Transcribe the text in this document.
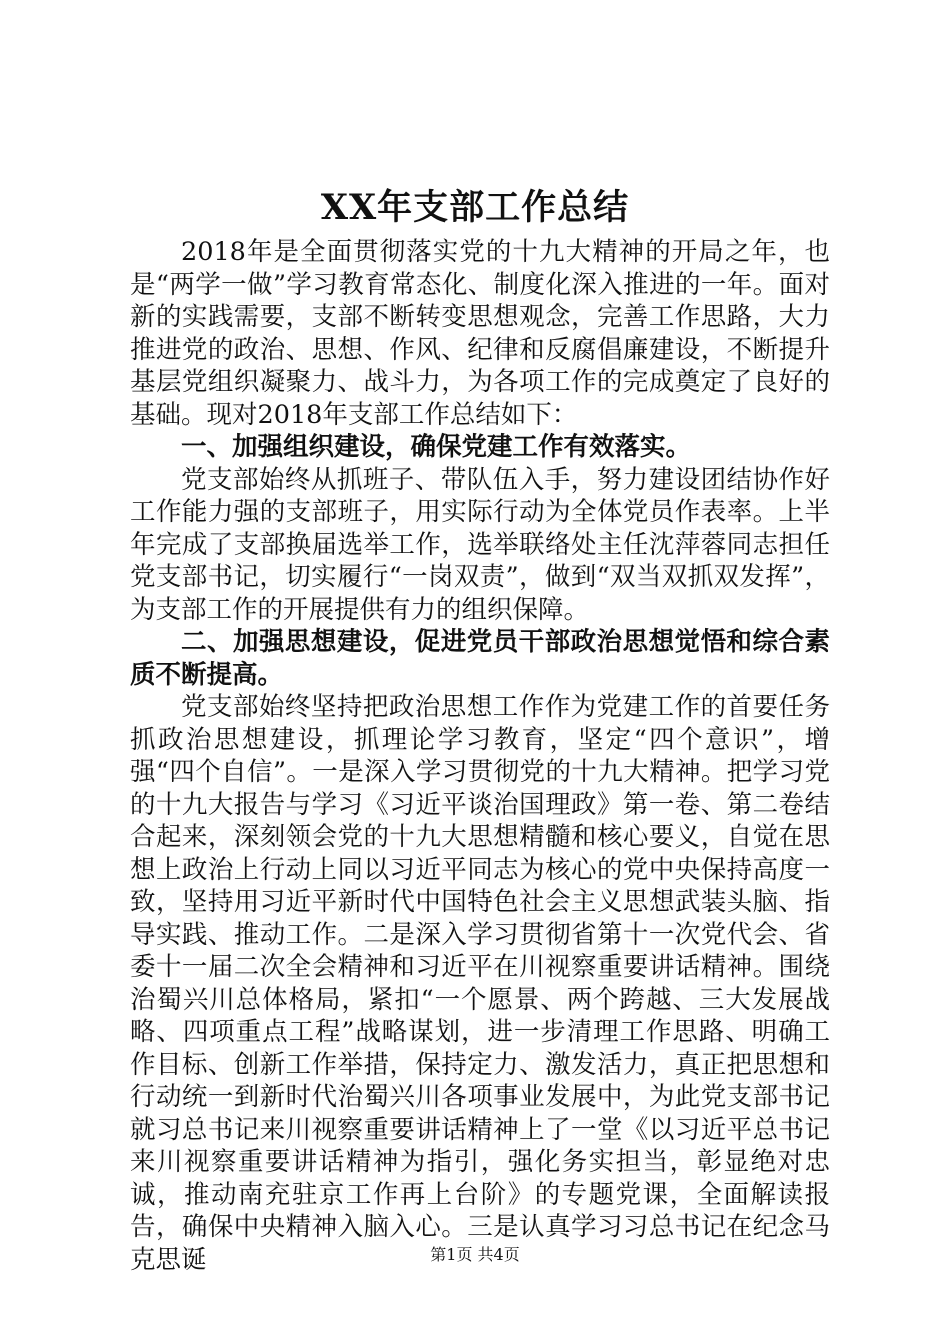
XX年支部工作总结

2018年是全面贯彻落实党的十九大精神的开局之年，也是“两学一做”学习教育常态化、制度化深入推进的一年。面对新的实践需要，支部不断转变思想观念，完善工作思路，大力推进党的政治、思想、作风、纪律和反腐倡廉建设，不断提升基层党组织凝聚力、战斗力，为各项工作的完成奠定了良好的基础。现对2018年支部工作总结如下：

一、加强组织建设，确保党建工作有效落实。

党支部始终从抓班子、带队伍入手，努力建设团结协作好工作能力强的支部班子，用实际行动为全体党员作表率。上半年完成了支部换届选举工作，选举联络处主任沈萍蓉同志担任党支部书记，切实履行“一岗双责”，做到“双当双抓双发挥”，为支部工作的开展提供有力的组织保障。

二、加强思想建设，促进党员干部政治思想觉悟和综合素质不断提高。

党支部始终坚持把政治思想工作作为党建工作的首要任务抓政治思想建设，抓理论学习教育，坚定“四个意识”，增强“四个自信”。一是深入学习贯彻党的十九大精神。把学习党的十九大报告与学习《习近平谈治国理政》第一卷、第二卷结合起来，深刻领会党的十九大思想精髓和核心要义，自觉在思想上政治上行动上同以习近平同志为核心的党中央保持高度一致，坚持用习近平新时代中国特色社会主义思想武装头脑、指导实践、推动工作。二是深入学习贯彻省第十一次党代会、省委十一届二次全会精神和习近平在川视察重要讲话精神。围绕治蜀兴川总体格局，紧扣“一个愿景、两个跨越、三大发展战略、四项重点工程”战略谋划，进一步清理工作思路、明确工作目标、创新工作举措，保持定力、激发活力，真正把思想和行动统一到新时代治蜀兴川各项事业发展中，为此党支部书记就习总书记来川视察重要讲话精神上了一堂《以习近平总书记来川视察重要讲话精神为指引，强化务实担当，彰显绝对忠诚，推动南充驻京工作再上台阶》的专题党课，全面解读报告，确保中央精神入脑入心。三是认真学习习总书记在纪念马克思诞	第1页 共4页
